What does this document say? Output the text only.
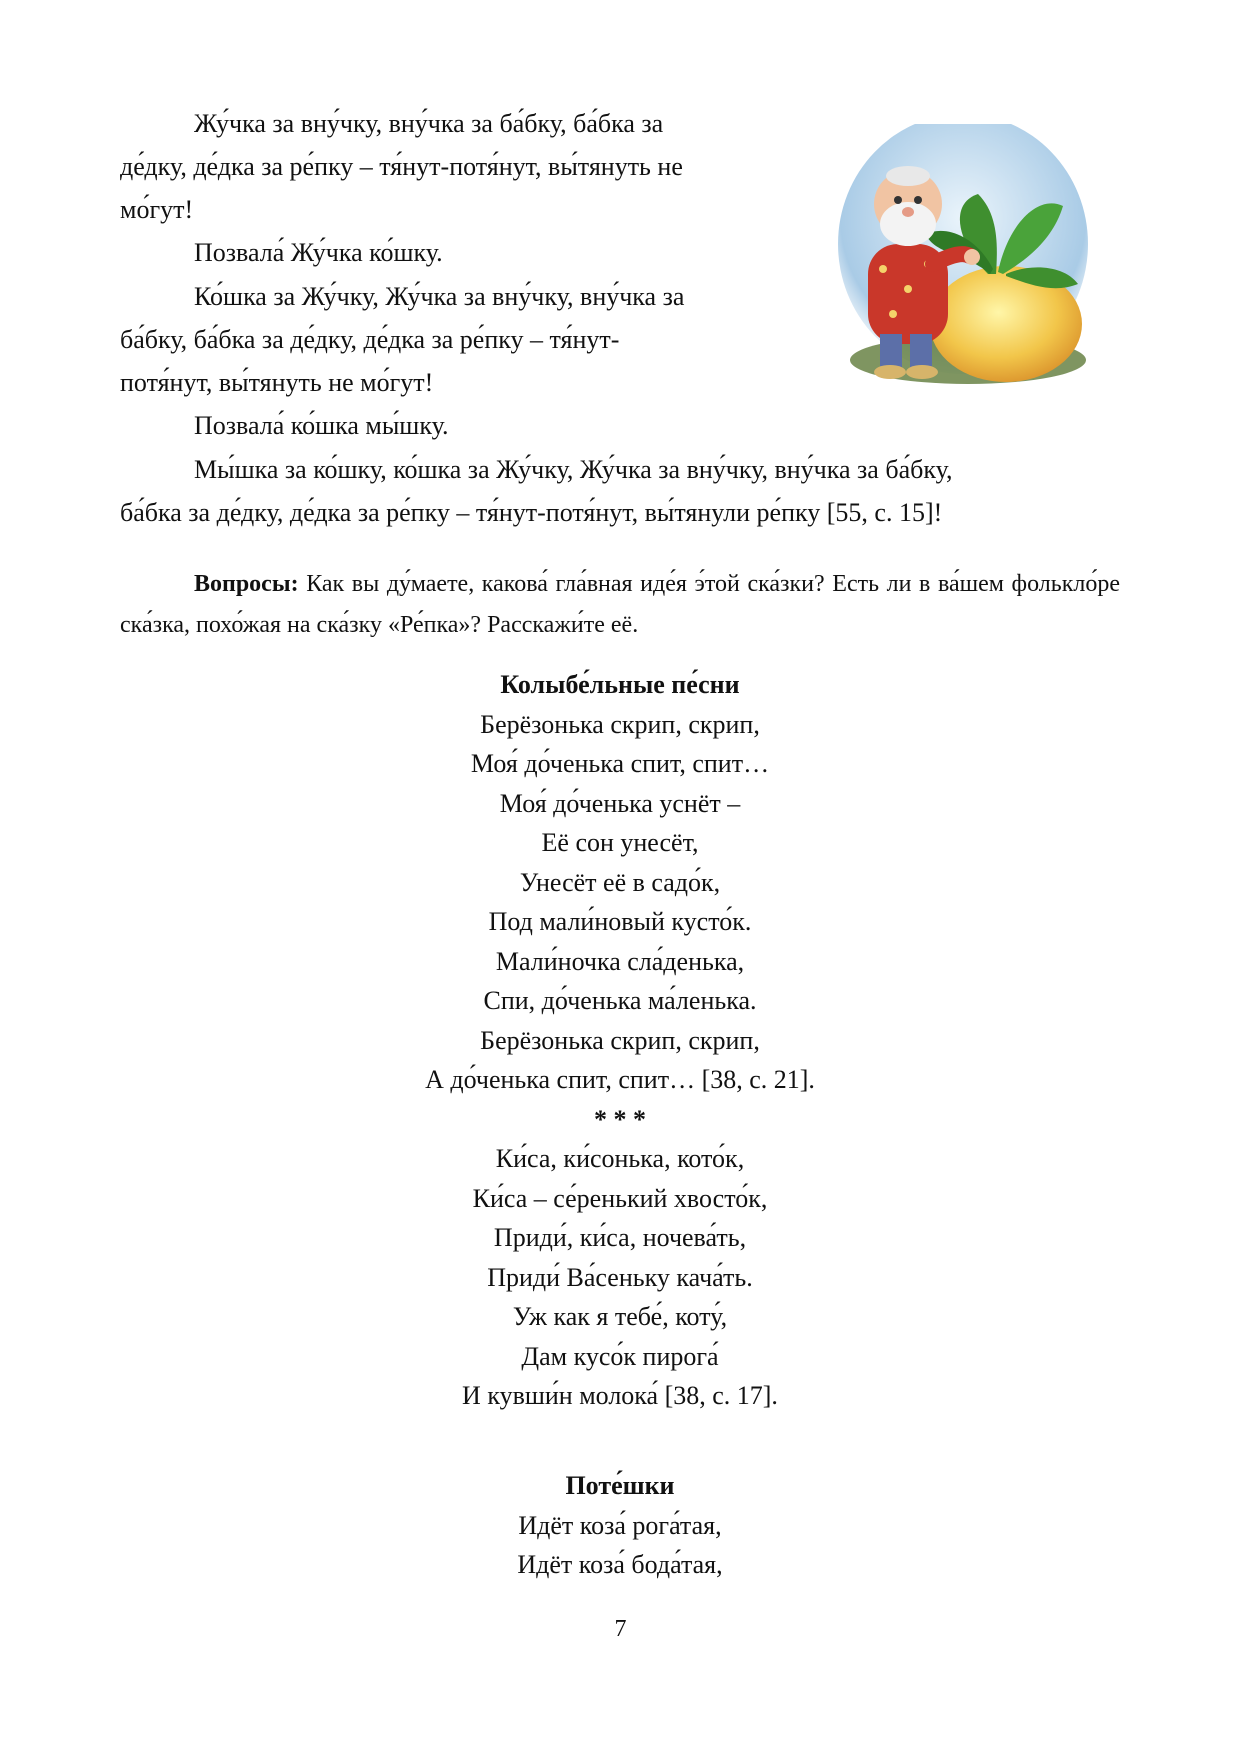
Жу́чка за вну́чку, вну́чка за ба́бку, ба́бка за
де́дку, де́дка за ре́пку – тя́нут-потя́нут, вы́тянуть не
мо́гут!
Позвала́ Жу́чка ко́шку.
Ко́шка за Жу́чку, Жу́чка за вну́чку, вну́чка за
ба́бку, ба́бка за де́дку, де́дка за ре́пку – тя́нут-
потя́нут, вы́тянуть не мо́гут!
Позвала́ ко́шка мы́шку.
Мы́шка за ко́шку, ко́шка за Жу́чку, Жу́чка за вну́чку, вну́чка за ба́бку,
ба́бка за де́дку, де́дка за ре́пку – тя́нут-потя́нут, вы́тянули ре́пку [55, с. 15]!
Вопросы: Как вы ду́маете, какова́ гла́вная иде́я э́той ска́зки? Есть ли в ва́шем фолькло́ре ска́зка, похо́жая на ска́зку «Ре́пка»? Расскажи́те её.
Колыбе́льные пе́сни
Берёзонька скрип, скрип,
Моя́ до́ченька спит, спит…
Моя́ до́ченька уснёт –
Её сон унесёт,
Унесёт её в садо́к,
Под мали́новый кусто́к.
Мали́ночка сла́денька,
Спи, до́ченька ма́ленька.
Берёзонька скрип, скрип,
А до́ченька спит, спит… [38, с. 21].
* * *
Ки́са, ки́сонька, кото́к,
Ки́са – се́ренький хвосто́к,
Приди́, ки́са, ночева́ть,
Приди́ Ва́сеньку кача́ть.
Уж как я тебе́, коту́,
Дам кусо́к пирога́
И кувши́н молока́ [38, с. 17].
Поте́шки
Идёт коза́ рога́тая,
Идёт коза́ бода́тая,
7
